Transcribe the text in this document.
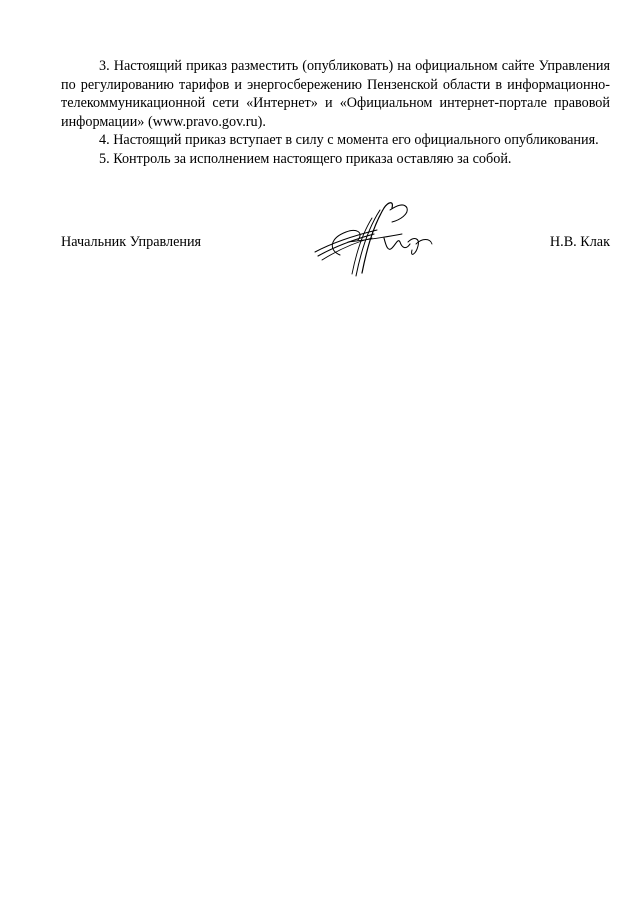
3. Настоящий приказ разместить (опубликовать) на официальном сайте Управления по регулированию тарифов и энергосбережению Пензенской области в информационно-телекоммуникационной сети «Интернет» и «Официальном интернет-портале правовой информации» (www.pravo.gov.ru).

4. Настоящий приказ вступает в силу с момента его официального опубликования.

5. Контроль за исполнением настоящего приказа оставляю за собой.

Начальник Управления	Н.В. Клак
